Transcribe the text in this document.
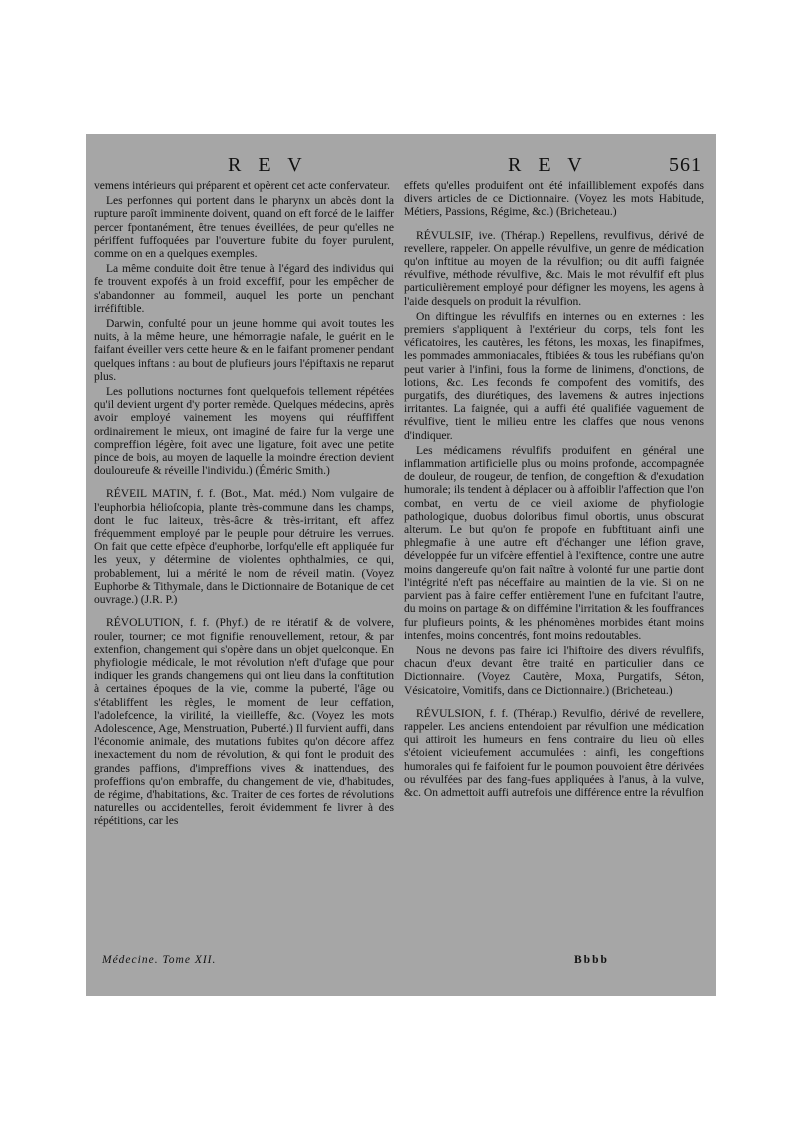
R E V	R E V	561

vemens intérieurs qui préparent et opèrent cet acte confervateur.

Les perfonnes qui portent dans le pharynx un abcès dont la rupture paroît imminente doivent, quand on eft forcé de le laiffer percer fpontanément, être tenues éveillées, de peur qu'elles ne périffent fuffoquées par l'ouverture fubite du foyer purulent, comme on en a quelques exemples.

La même conduite doit être tenue à l'égard des individus qui fe trouvent expofés à un froid exceffif, pour les empêcher de s'abandonner au fommeil, auquel les porte un penchant irréfiftible.

Darwin, confulté pour un jeune homme qui avoit toutes les nuits, à la même heure, une hémorragie nafale, le guérit en le faifant éveiller vers cette heure & en le faifant promener pendant quelques inftans : au bout de plufieurs jours l'épiftaxis ne reparut plus.

Les pollutions nocturnes font quelquefois tellement répétées qu'il devient urgent d'y porter remède. Quelques médecins, après avoir employé vainement les moyens qui réuffiffent ordinairement le mieux, ont imaginé de faire fur la verge une compreffion légère, foit avec une ligature, foit avec une petite pince de bois, au moyen de laquelle la moindre érection devient douloureufe & réveille l'individu.) (Éméric Smith.)

RÉVEIL MATIN, f. f. (Bot., Mat. méd.) Nom vulgaire de l'euphorbia hélioſcopia, plante très-commune dans les champs, dont le fuc laiteux, très-âcre & très-irritant, eft affez fréquemment employé par le peuple pour détruire les verrues. On fait que cette efpèce d'euphorbe, lorfqu'elle eft appliquée fur les yeux, y détermine de violentes ophthalmies, ce qui, probablement, lui a mérité le nom de réveil matin. (Voyez Euphorbe & Tithymale, dans le Dictionnaire de Botanique de cet ouvrage.) (J.R. P.)

RÉVOLUTION, f. f. (Phyf.) de re itératif & de volvere, rouler, tourner; ce mot fignifie renouvellement, retour, & par extenfion, changement qui s'opère dans un objet quelconque. En phyfiologie médicale, le mot révolution n'eft d'ufage que pour indiquer les grands changemens qui ont lieu dans la conftitution à certaines époques de la vie, comme la puberté, l'âge ou s'établiffent les règles, le moment de leur ceffation, l'adolefcence, la virilité, la vieilleffe, &c. (Voyez les mots Adolescence, Age, Menstruation, Puberté.) Il furvient auffi, dans l'économie animale, des mutations fubites qu'on décore affez inexactement du nom de révolution, & qui font le produit des grandes paffions, d'impreffions vives & inattendues, des profeffions qu'on embraffe, du changement de vie, d'habitudes, de régime, d'habitations, &c. Traiter de ces fortes de révolutions naturelles ou accidentelles, feroit évidemment fe livrer à des répétitions, car les

effets qu'elles produifent ont été infailliblement expofés dans divers articles de ce Dictionnaire. (Voyez les mots Habitude, Métiers, Passions, Régime, &c.) (Bricheteau.)

RÉVULSIF, ive. (Thérap.) Repellens, revulfivus, dérivé de revellere, rappeler. On appelle révulfive, un genre de médication qu'on inftitue au moyen de la révulfion; ou dit auffi faignée révulfive, méthode révulfive, &c. Mais le mot révulfif eft plus particulièrement employé pour défigner les moyens, les agens à l'aide desquels on produit la révulfion.

On diftingue les révulfifs en internes ou en externes : les premiers s'appliquent à l'extérieur du corps, tels font les véficatoires, les cautères, les fétons, les moxas, les finapifmes, les pommades ammoniacales, ftibiées & tous les rubéfians qu'on peut varier à l'infini, fous la forme de linimens, d'onctions, de lotions, &c. Les feconds fe compofent des vomitifs, des purgatifs, des diurétiques, des lavemens & autres injections irritantes. La faignée, qui a auffi été qualifiée vaguement de révulfive, tient le milieu entre les claffes que nous venons d'indiquer.

Les médicamens révulfifs produifent en général une inflammation artificielle plus ou moins profonde, accompagnée de douleur, de rougeur, de tenfion, de congeftion & d'exudation humorale; ils tendent à déplacer ou à affoiblir l'affection que l'on combat, en vertu de ce vieil axiome de phyfiologie pathologique, duobus doloribus fimul obortis, unus obscurat alterum. Le but qu'on fe propofe en fubftituant ainfi une phlegmafie à une autre eft d'échanger une léfion grave, développée fur un vifcère effentiel à l'exiftence, contre une autre moins dangereufe qu'on fait naître à volonté fur une partie dont l'intégrité n'eft pas néceffaire au maintien de la vie. Si on ne parvient pas à faire ceffer entièrement l'une en fufcitant l'autre, du moins on partage & on diffémine l'irritation & les fouffrances fur plufieurs points, & les phénomènes morbides étant moins intenfes, moins concentrés, font moins redoutables.

Nous ne devons pas faire ici l'hiftoire des divers révulfifs, chacun d'eux devant être traité en particulier dans ce Dictionnaire. (Voyez Cautère, Moxa, Purgatifs, Séton, Vésicatoire, Vomitifs, dans ce Dictionnaire.) (Bricheteau.)

RÉVULSION, f. f. (Thérap.) Revulfio, dérivé de revellere, rappeler. Les anciens entendoient par révulfion une médication qui attiroit les humeurs en fens contraire du lieu où elles s'étoient vicieufement accumulées : ainfi, les congeftions humorales qui fe faifoient fur le poumon pouvoient être dérivées ou révulfées par des fang-fues appliquées à l'anus, à la vulve, &c. On admettoit auffi autrefois une différence entre la révulfion

Médecine. Tome XII.	Bbbb
